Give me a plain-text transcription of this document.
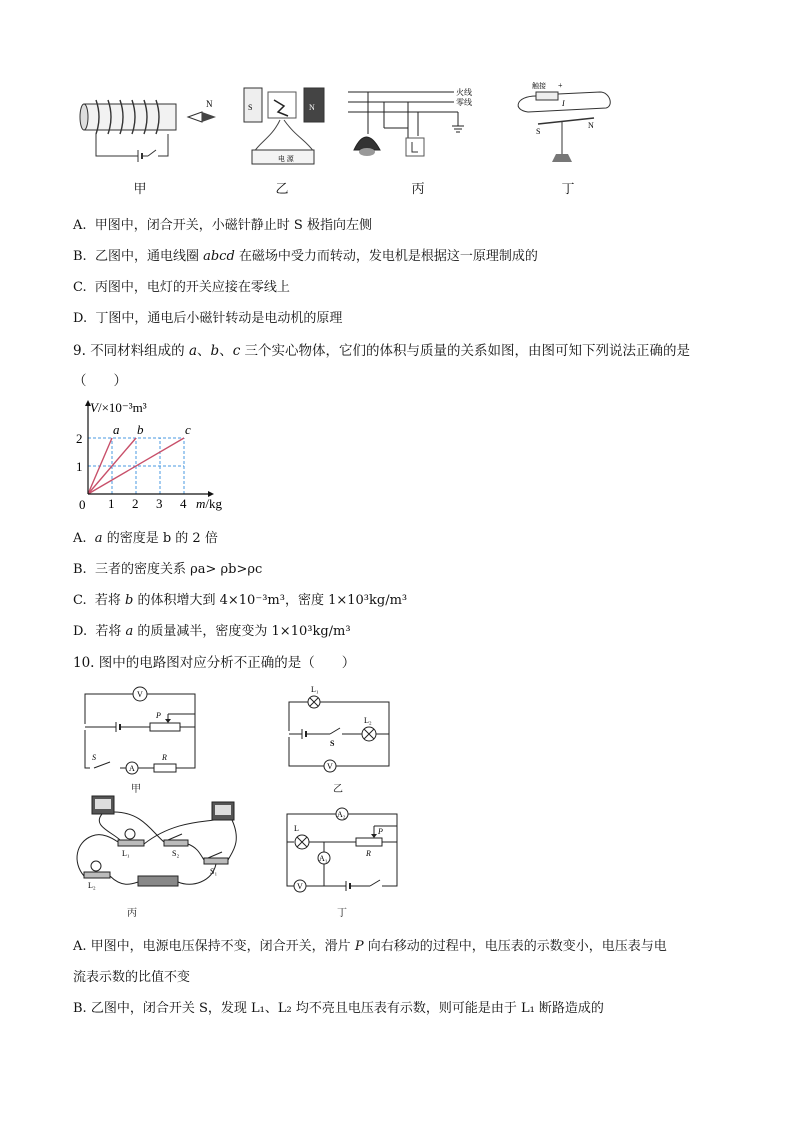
N
甲
S	N
电 源
乙
火线
零线
丙
触接 +
I
S
N
丁
A. 甲图中，闭合开关，小磁针静止时 S 极指向左侧
B. 乙图中，通电线圈 abcd 在磁场中受力而转动，发电机是根据这一原理制成的
C. 丙图中，电灯的开关应接在零线上
D. 丁图中，通电后小磁针转动是电动机的原理
9. 不同材料组成的 a、b、c 三个实心物体，它们的体积与质量的关系如图，由图可知下列说法正确的是
（　　）
a b	c
V/×10⁻³m³
m/kg
0 1 2 3 4
1
2
A. a 的密度是 b 的 2 倍
B. 三者的密度关系 ρa> ρb>ρc
C. 若将 b 的体积增大到 4×10⁻³m³，密度 1×10³kg/m³
D. 若将 a 的质量减半，密度变为 1×10³kg/m³
10. 图中的电路图对应分析不正确的是（　　）
V
P
S
A
R
甲
L₁
S
L₂
V
乙
L₁
L₂
S₂
S₁
丙
A₂
L	P
R
A₁
V
丁
A. 甲图中，电源电压保持不变，闭合开关，滑片 P 向右移动的过程中，电压表的示数变小，电压表与电
流表示数的比值不变
B. 乙图中，闭合开关 S，发现 L₁、L₂ 均不亮且电压表有示数，则可能是由于 L₁ 断路造成的
